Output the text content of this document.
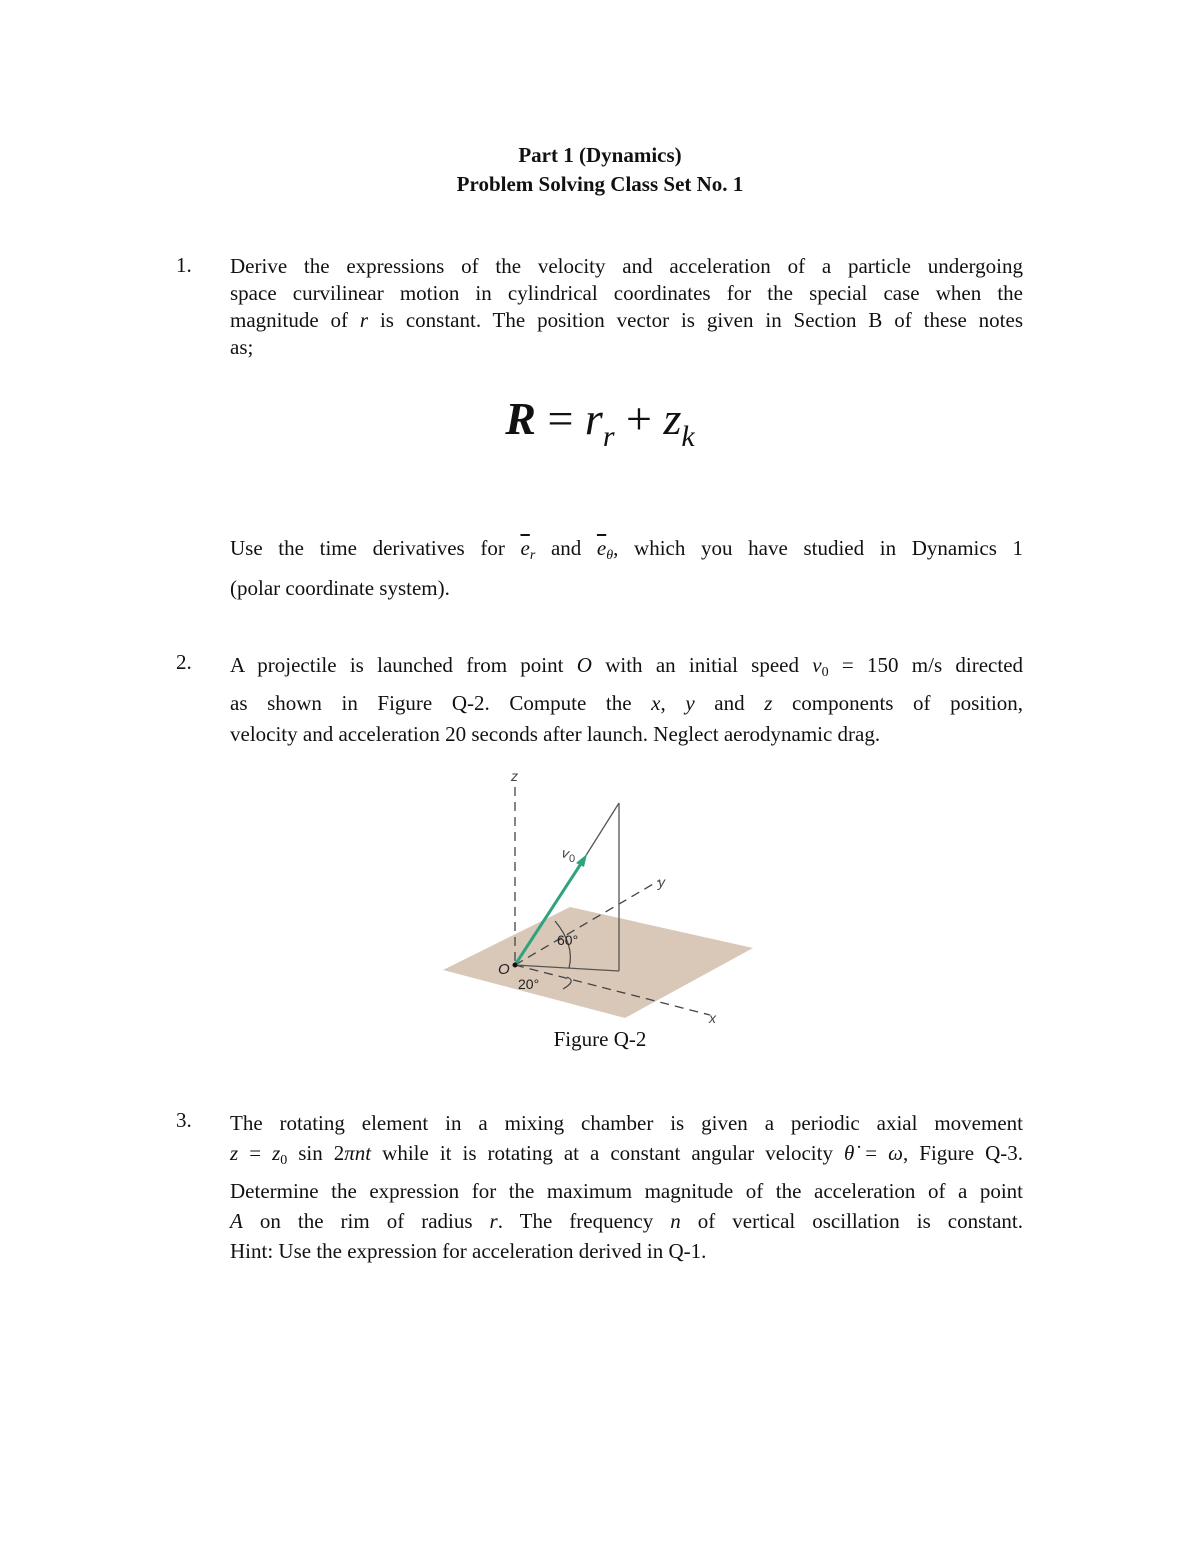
Part 1 (Dynamics)
Problem Solving Class Set No. 1
1. Derive the expressions of the velocity and acceleration of a particle undergoing
space curvilinear motion in cylindrical coordinates for the special case when the
magnitude of r is constant. The position vector is given in Section B of these notes
as;
$R = r_r + z_k$
Use the time derivatives for $\overline{e}r$ and $\overline{e}\theta$, which you have studied in Dynamics 1
(polar coordinate system).
2. A projectile is launched from point O with an initial speed v0 = 150 m/s directed
as shown in Figure Q-2. Compute the x, y and z components of position,
velocity and acceleration 20 seconds after launch. Neglect aerodynamic drag.
z
y
x
O
v
0
60°
20°
Figure Q-2
3. The rotating element in a mixing chamber is given a periodic axial movement
z = z0 sin 2πnt while it is rotating at a constant angular velocity θ̇ = ω, Figure Q-3.
Determine the expression for the maximum magnitude of the acceleration of a point
A on the rim of radius r. The frequency n of vertical oscillation is constant.
Hint: Use the expression for acceleration derived in Q-1.
